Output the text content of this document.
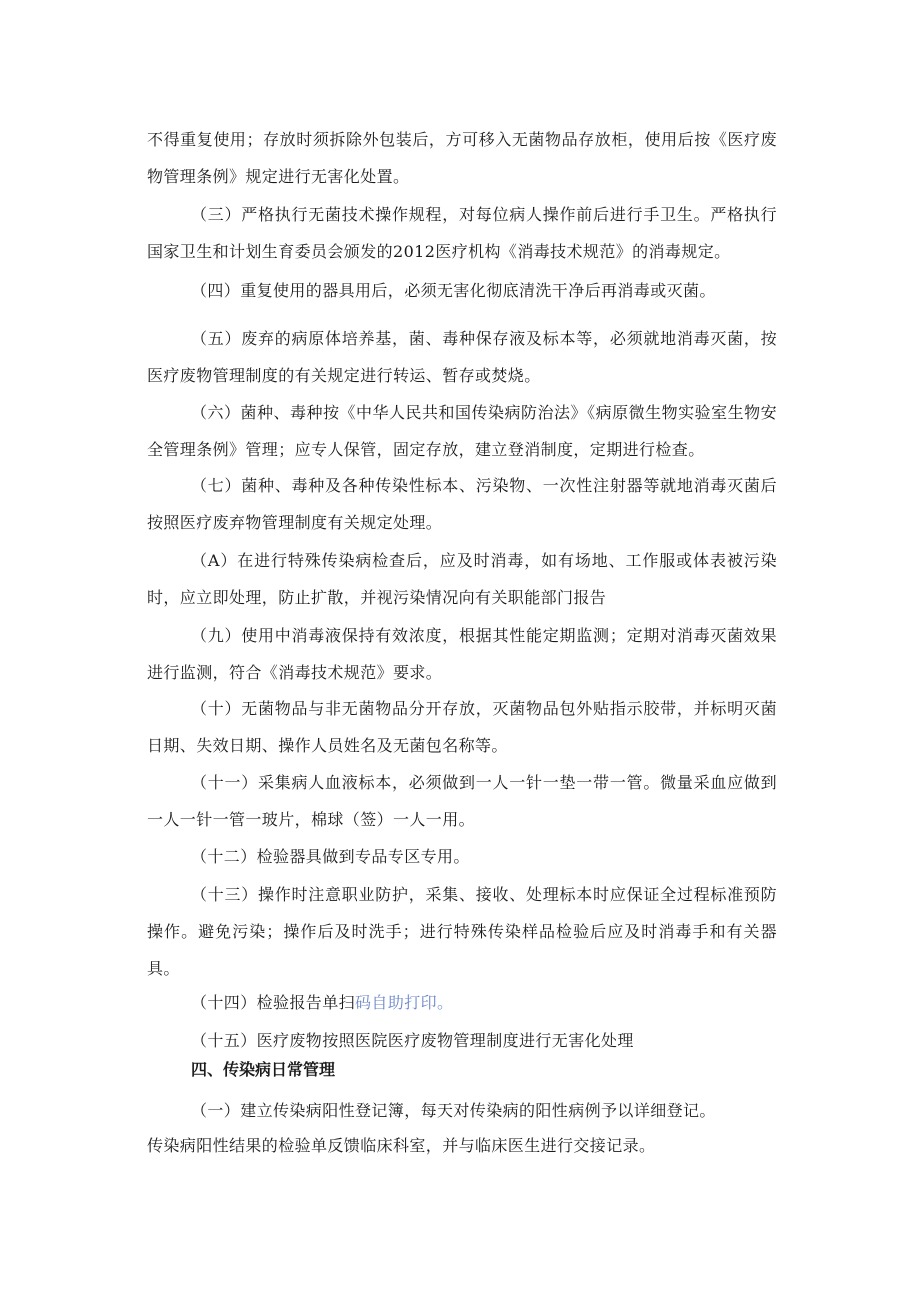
不得重复使用；存放时须拆除外包装后，方可移入无菌物品存放柜，使用后按《医疗废物管理条例》规定进行无害化处置。

（三）严格执行无菌技术操作规程，对每位病人操作前后进行手卫生。严格执行国家卫生和计划生育委员会颁发的2012医疗机构《消毒技术规范》的消毒规定。

（四）重复使用的器具用后，必须无害化彻底清洗干净后再消毒或灭菌。

（五）废弃的病原体培养基，菌、毒种保存液及标本等，必须就地消毒灭菌，按医疗废物管理制度的有关规定进行转运、暂存或焚烧。

（六）菌种、毒种按《中华人民共和国传染病防治法》《病原微生物实验室生物安全管理条例》管理；应专人保管，固定存放，建立登消制度，定期进行检查。

（七）菌种、毒种及各种传染性标本、污染物、一次性注射器等就地消毒灭菌后按照医疗废弃物管理制度有关规定处理。

（A）在进行特殊传染病检查后，应及时消毒，如有场地、工作服或体表被污染时，应立即处理，防止扩散，并视污染情况向有关职能部门报告

（九）使用中消毒液保持有效浓度，根据其性能定期监测；定期对消毒灭菌效果进行监测，符合《消毒技术规范》要求。

（十）无菌物品与非无菌物品分开存放，灭菌物品包外贴指示胶带，并标明灭菌日期、失效日期、操作人员姓名及无菌包名称等。

（十一）采集病人血液标本，必须做到一人一针一垫一带一管。微量采血应做到一人一针一管一玻片，棉球（签）一人一用。

（十二）检验器具做到专品专区专用。

（十三）操作时注意职业防护，采集、接收、处理标本时应保证全过程标准预防操作。避免污染；操作后及时洗手；进行特殊传染样品检验后应及时消毒手和有关器具。

（十四）检验报告单扫码自助打印。

（十五）医疗废物按照医院医疗废物管理制度进行无害化处理

四、传染病日常管理

（一）建立传染病阳性登记簿，每天对传染病的阳性病例予以详细登记。

传染病阳性结果的检验单反馈临床科室，并与临床医生进行交接记录。
